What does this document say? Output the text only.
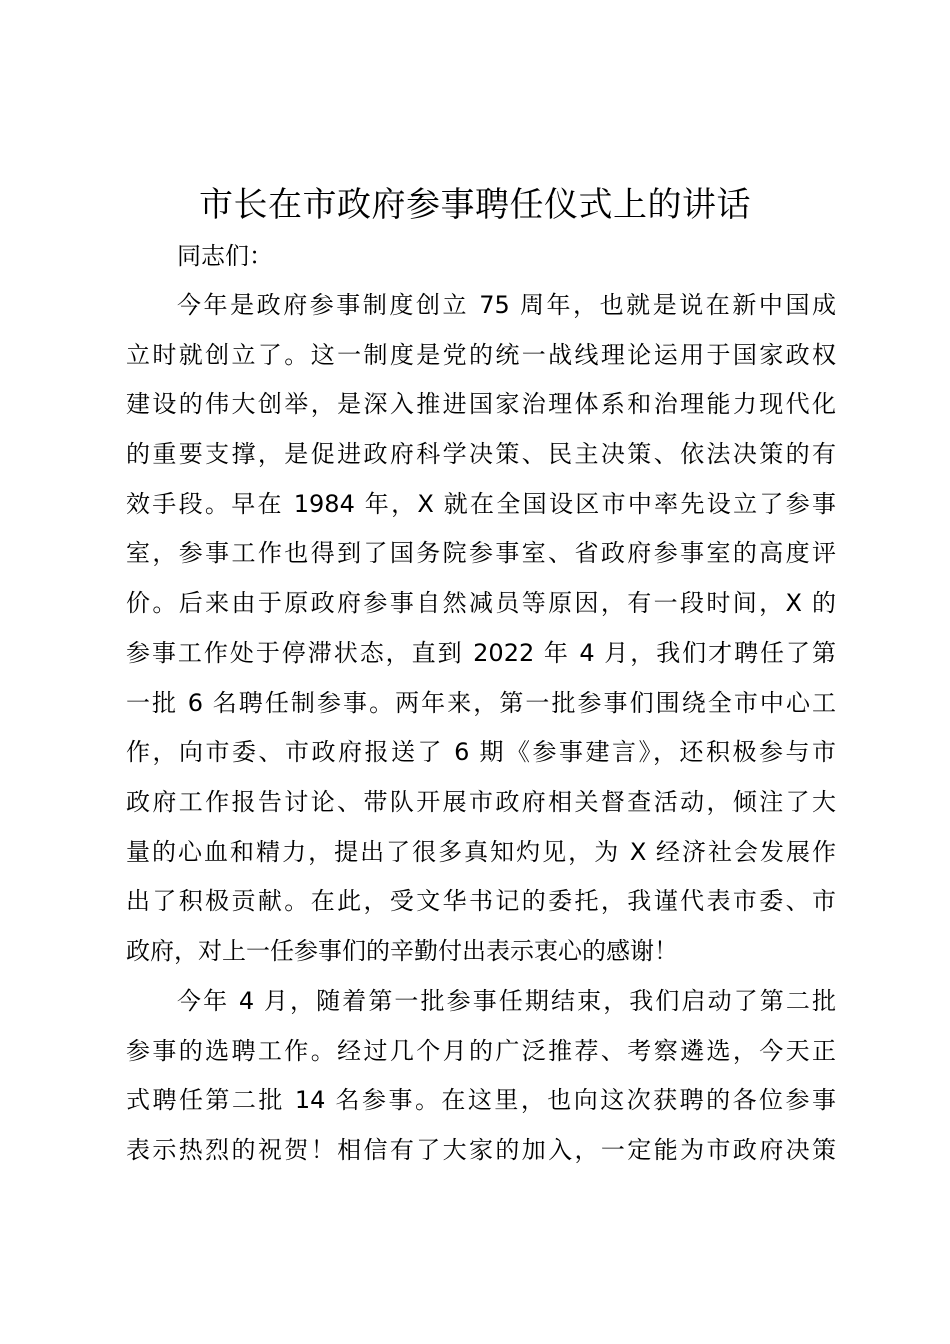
市长在市政府参事聘任仪式上的讲话
同志们：
今年是政府参事制度创立 75 周年，也就是说在新中国成
立时就创立了。这一制度是党的统一战线理论运用于国家政权
建设的伟大创举，是深入推进国家治理体系和治理能力现代化
的重要支撑，是促进政府科学决策、民主决策、依法决策的有
效手段。早在 1984 年，X 就在全国设区市中率先设立了参事
室，参事工作也得到了国务院参事室、省政府参事室的高度评
价。后来由于原政府参事自然减员等原因，有一段时间，X 的
参事工作处于停滞状态，直到 2022 年 4 月，我们才聘任了第
一批 6 名聘任制参事。两年来，第一批参事们围绕全市中心工
作，向市委、市政府报送了 6 期《参事建言》，还积极参与市
政府工作报告讨论、带队开展市政府相关督查活动，倾注了大
量的心血和精力，提出了很多真知灼见，为 X 经济社会发展作
出了积极贡献。在此，受文华书记的委托，我谨代表市委、市
政府，对上一任参事们的辛勤付出表示衷心的感谢！
今年 4 月，随着第一批参事任期结束，我们启动了第二批
参事的选聘工作。经过几个月的广泛推荐、考察遴选，今天正
式聘任第二批 14 名参事。在这里，也向这次获聘的各位参事
表示热烈的祝贺！相信有了大家的加入，一定能为市政府决策
